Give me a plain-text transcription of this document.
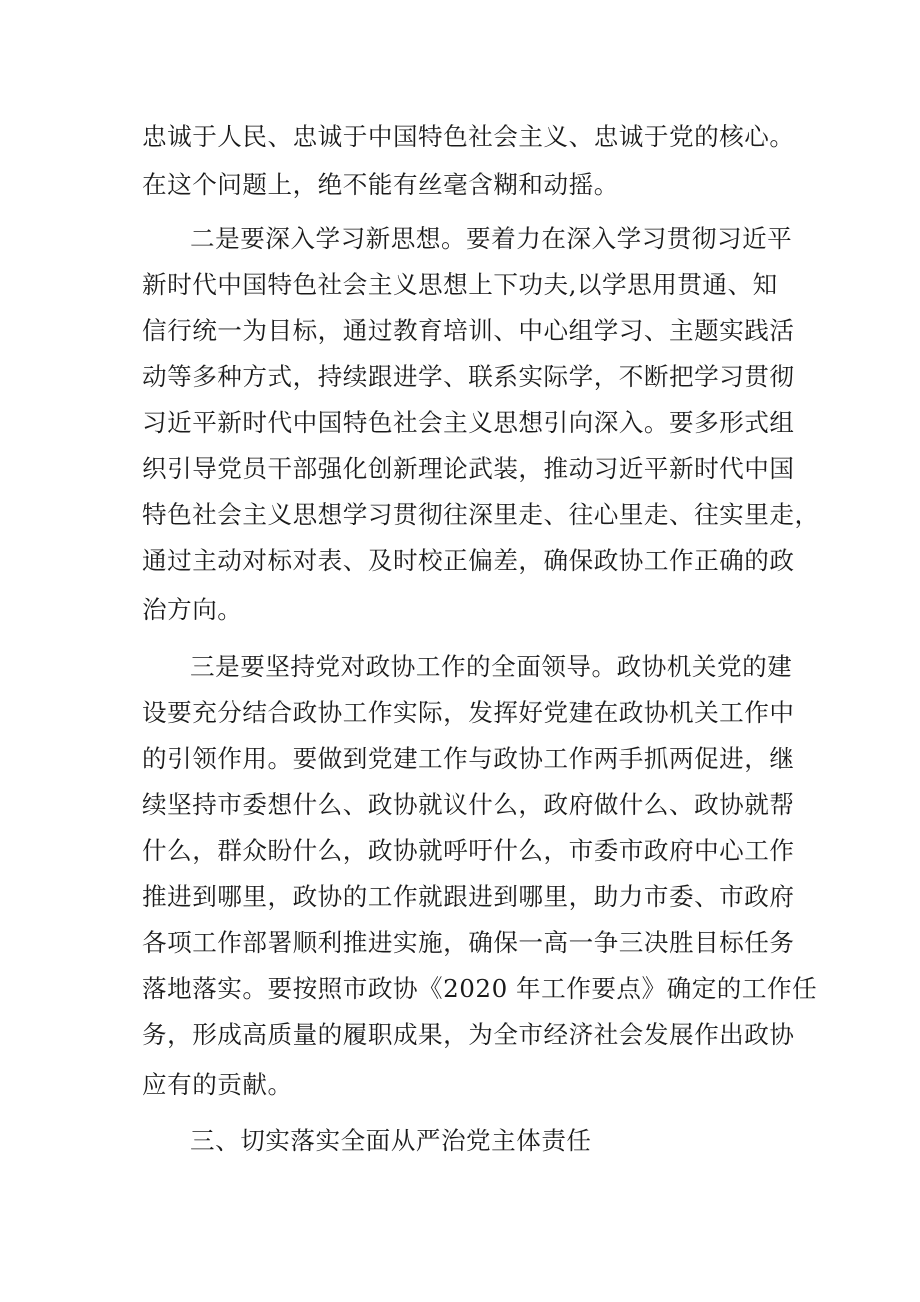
忠诚于人民、忠诚于中国特色社会主义、忠诚于党的核心。
在这个问题上，绝不能有丝毫含糊和动摇。
二是要深入学习新思想。要着力在深入学习贯彻习近平
新时代中国特色社会主义思想上下功夫,以学思用贯通、知
信行统一为目标，通过教育培训、中心组学习、主题实践活
动等多种方式，持续跟进学、联系实际学，不断把学习贯彻
习近平新时代中国特色社会主义思想引向深入。要多形式组
织引导党员干部强化创新理论武装，推动习近平新时代中国
特色社会主义思想学习贯彻往深里走、往心里走、往实里走，
通过主动对标对表、及时校正偏差，确保政协工作正确的政
治方向。
三是要坚持党对政协工作的全面领导。政协机关党的建
设要充分结合政协工作实际，发挥好党建在政协机关工作中
的引领作用。要做到党建工作与政协工作两手抓两促进，继
续坚持市委想什么、政协就议什么，政府做什么、政协就帮
什么，群众盼什么，政协就呼吁什么，市委市政府中心工作
推进到哪里，政协的工作就跟进到哪里，助力市委、市政府
各项工作部署顺利推进实施，确保一高一争三决胜目标任务
落地落实。要按照市政协《2020 年工作要点》确定的工作任
务，形成高质量的履职成果，为全市经济社会发展作出政协
应有的贡献。
三、切实落实全面从严治党主体责任
